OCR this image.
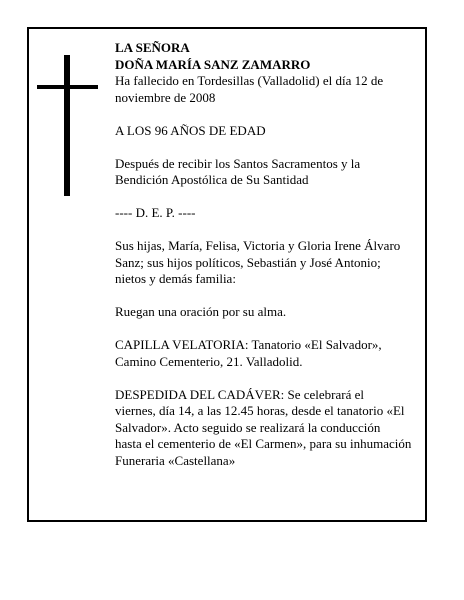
LA SEÑORA

DOÑA MARÍA SANZ ZAMARRO

Ha fallecido en Tordesillas (Valladolid) el día 12 de

noviembre de 2008

A LOS 96 AÑOS DE EDAD

Después de recibir los Santos Sacramentos y la

Bendición Apostólica de Su Santidad

---- D. E. P. ----

Sus hijas, María, Felisa, Victoria y Gloria Irene Álvaro

Sanz; sus hijos políticos, Sebastián y José Antonio;

nietos y demás familia:

Ruegan una oración por su alma.

CAPILLA VELATORIA: Tanatorio «El Salvador»,

Camino Cementerio, 21. Valladolid.

DESPEDIDA DEL CADÁVER: Se celebrará el

viernes, día 14, a las 12.45 horas, desde el tanatorio «El

Salvador». Acto seguido se realizará la conducción

hasta el cementerio de «El Carmen», para su inhumación

Funeraria «Castellana»
